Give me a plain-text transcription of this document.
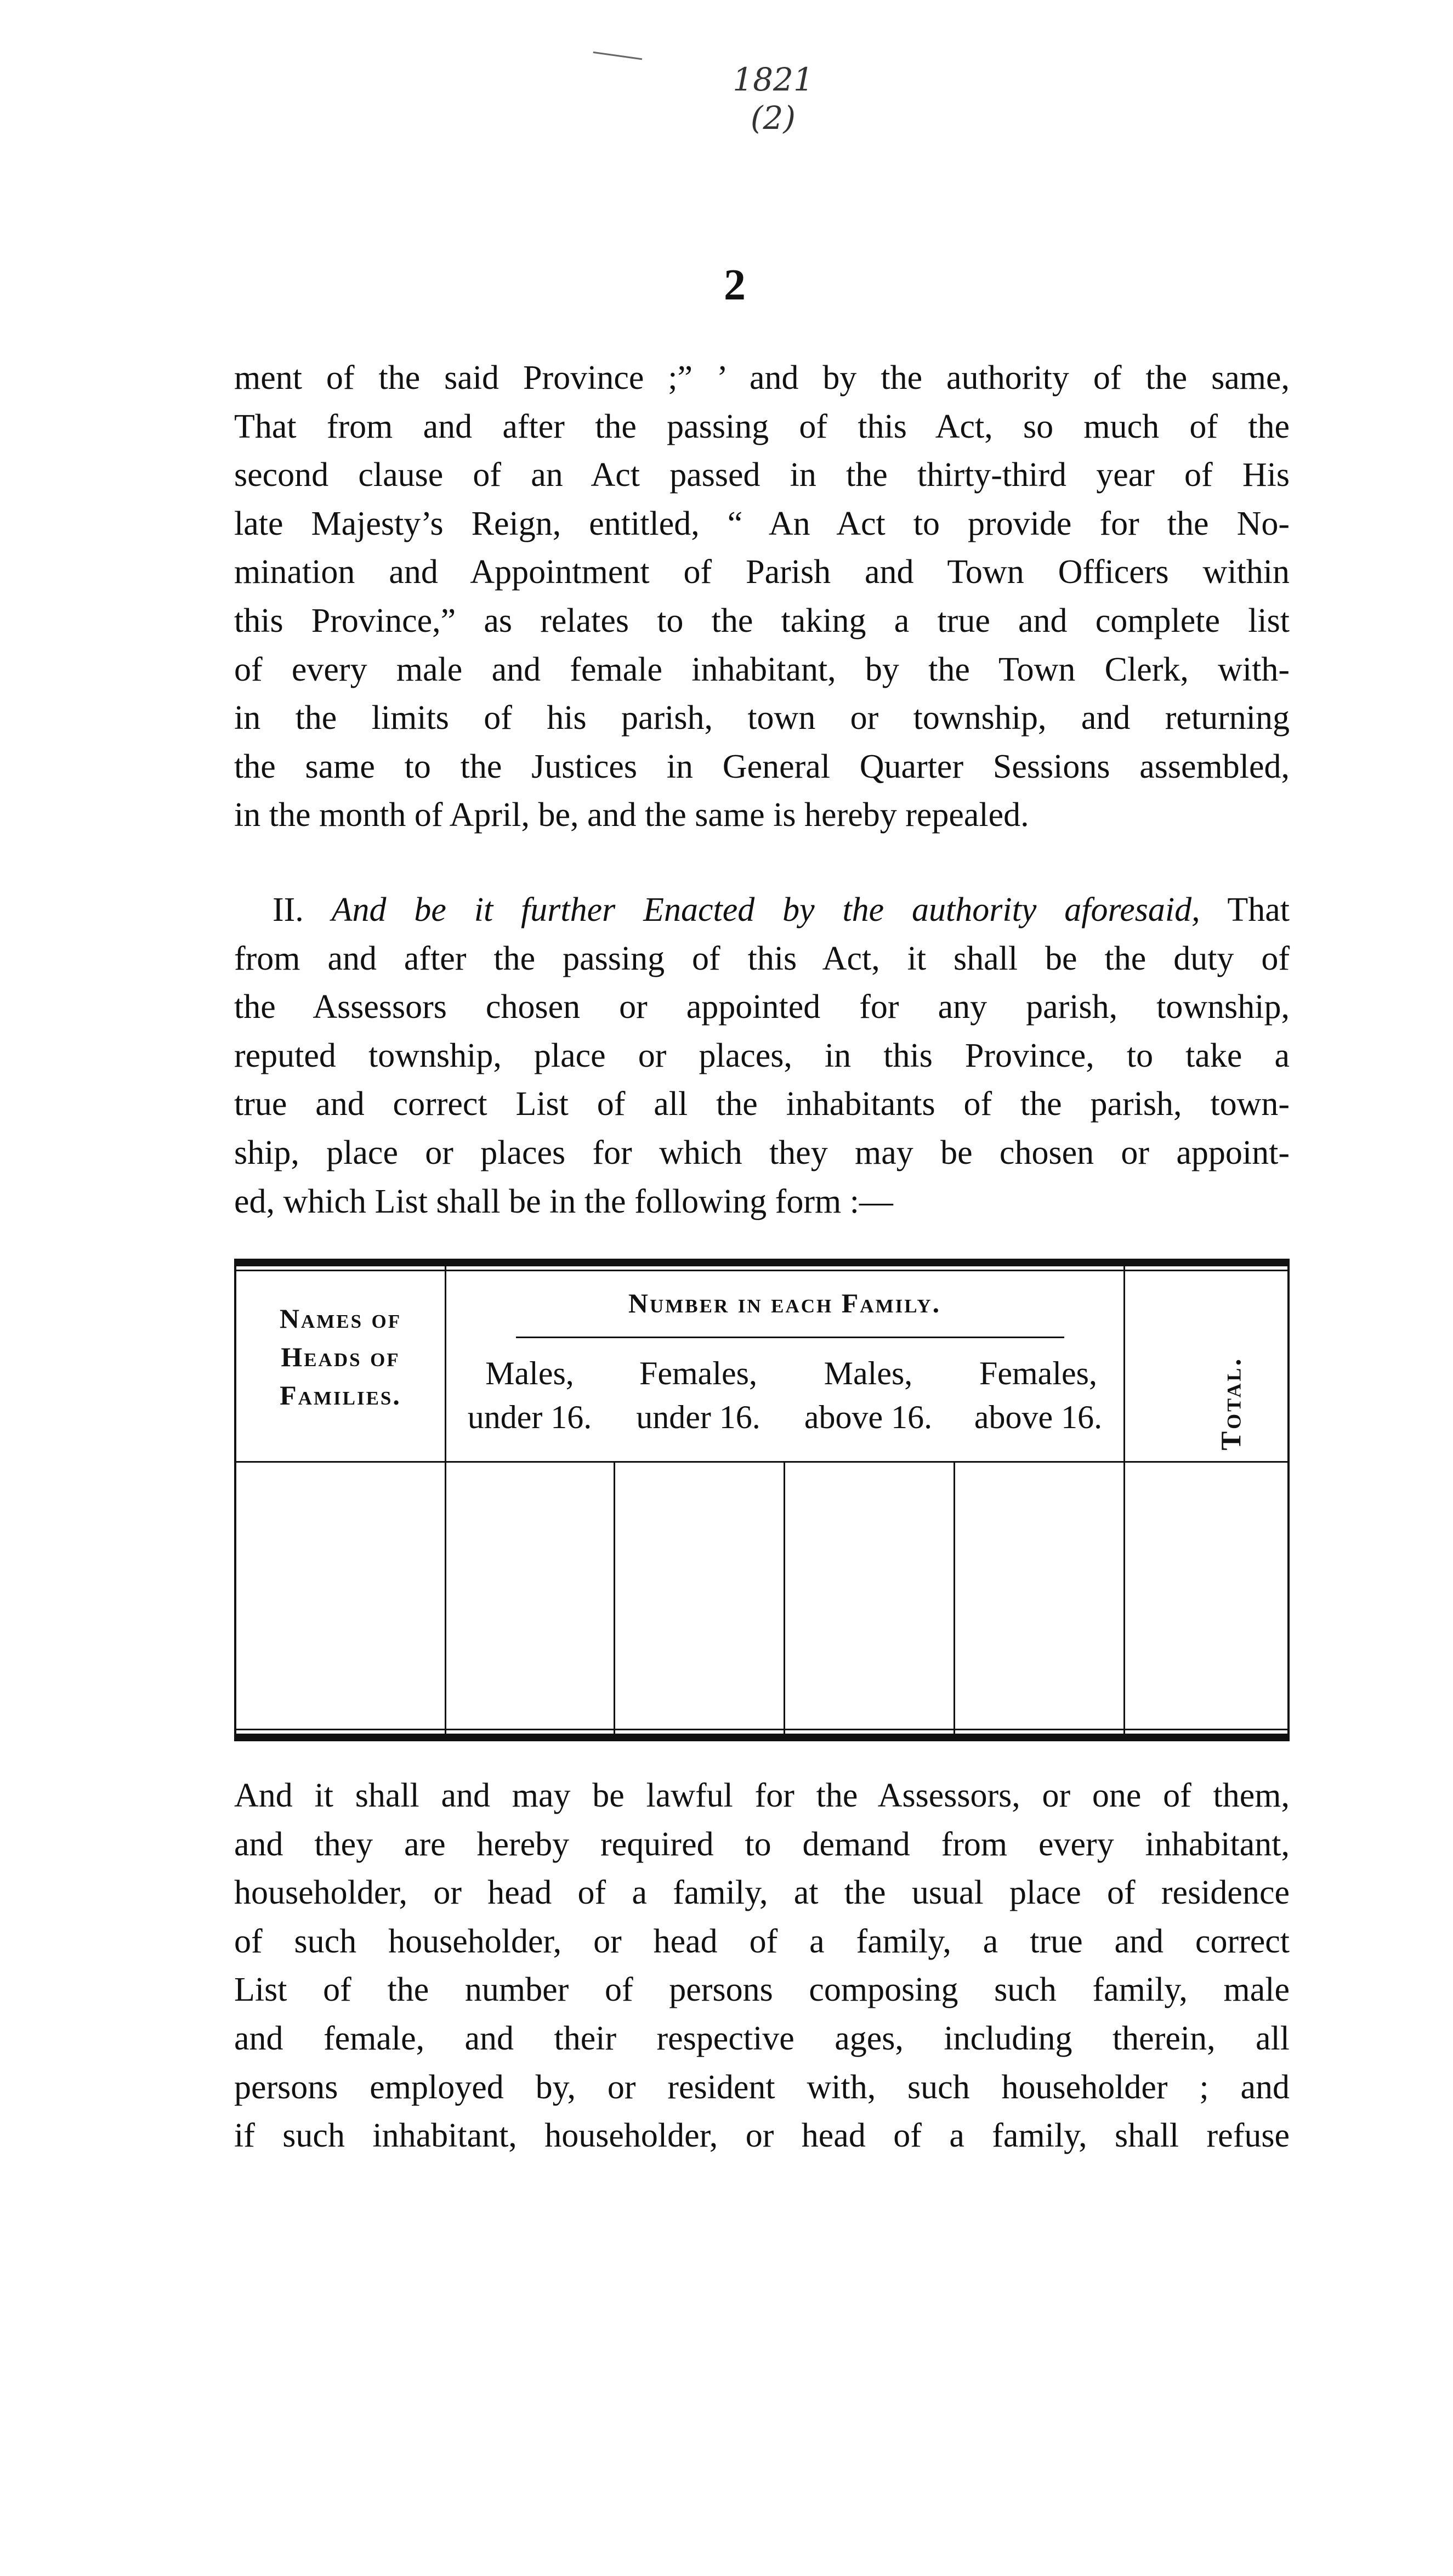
1821
(2)
2
ment of the said Province ;” ’ and by the authority of the same,
That from and after the passing of this Act, so much of the
second clause of an Act passed in the thirty-third year of His
late Majesty’s Reign, entitled, “ An Act to provide for the No-
mination and Appointment of Parish and Town Officers within
this Province,” as relates to the taking a true and complete list
of every male and female inhabitant, by the Town Clerk, with-
in the limits of his parish, town or township, and returning
the same to the Justices in General Quarter Sessions assembled,
in the month of April, be, and the same is hereby repealed.
II. And be it further Enacted by the authority aforesaid, That
from and after the passing of this Act, it shall be the duty of
the Assessors chosen or appointed for any parish, township,
reputed township, place or places, in this Province, to take a
true and correct List of all the inhabitants of the parish, town-
ship, place or places for which they may be chosen or appoint-
ed, which List shall be in the following form :—
Names of
Heads of
Families.
Number in each Family.
Males,
under 16.
Females,
under 16.
Males,
above 16.
Females,
above 16.	Total.
And it shall and may be lawful for the Assessors, or one of them,
and they are hereby required to demand from every inhabitant,
householder, or head of a family, at the usual place of residence
of such householder, or head of a family, a true and correct
List of the number of persons composing such family, male
and female, and their respective ages, including therein, all
persons employed by, or resident with, such householder ; and
if such inhabitant, householder, or head of a family, shall refuse
